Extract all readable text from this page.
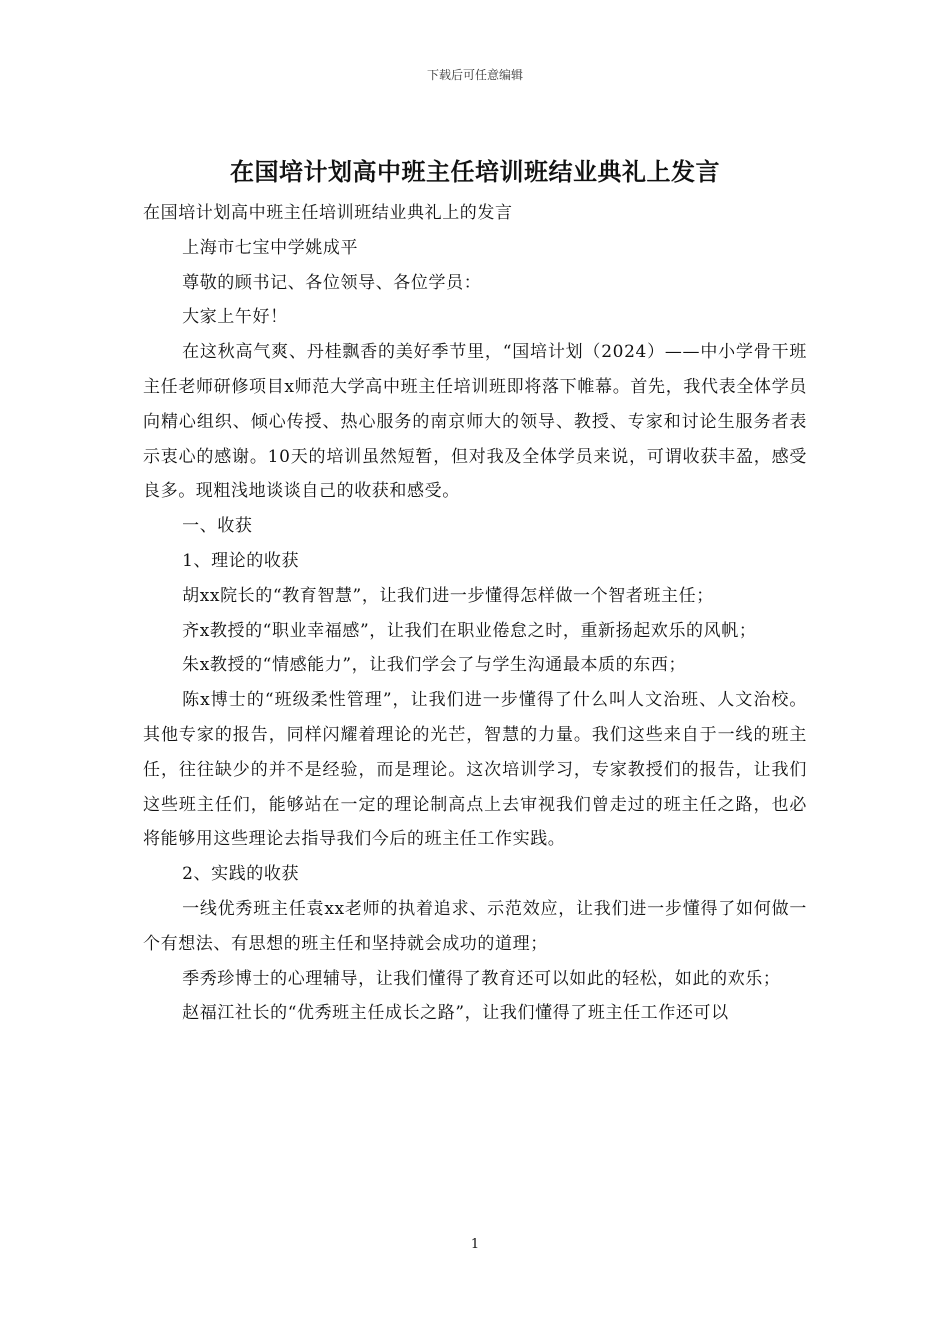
下载后可任意编辑
在国培计划高中班主任培训班结业典礼上发言

在国培计划高中班主任培训班结业典礼上的发言

上海市七宝中学姚成平

尊敬的顾书记、各位领导、各位学员：

大家上午好！

在这秋高气爽、丹桂飘香的美好季节里，“国培计划（2024）——中小学骨干班主任老师研修项目x师范大学高中班主任培训班即将落下帷幕。首先，我代表全体学员向精心组织、倾心传授、热心服务的南京师大的领导、教授、专家和讨论生服务者表示衷心的感谢。10天的培训虽然短暂，但对我及全体学员来说，可谓收获丰盈，感受良多。现粗浅地谈谈自己的收获和感受。

一、收获

1、理论的收获

胡xx院长的“教育智慧”，让我们进一步懂得怎样做一个智者班主任；

齐x教授的“职业幸福感”，让我们在职业倦怠之时，重新扬起欢乐的风帆；

朱x教授的“情感能力”，让我们学会了与学生沟通最本质的东西；

陈x博士的“班级柔性管理”，让我们进一步懂得了什么叫人文治班、人文治校。其他专家的报告，同样闪耀着理论的光芒，智慧的力量。我们这些来自于一线的班主任，往往缺少的并不是经验，而是理论。这次培训学习，专家教授们的报告，让我们这些班主任们，能够站在一定的理论制高点上去审视我们曾走过的班主任之路，也必将能够用这些理论去指导我们今后的班主任工作实践。

2、实践的收获

一线优秀班主任袁xx老师的执着追求、示范效应，让我们进一步懂得了如何做一个有想法、有思想的班主任和坚持就会成功的道理；

季秀珍博士的心理辅导，让我们懂得了教育还可以如此的轻松，如此的欢乐；

赵福江社长的“优秀班主任成长之路”，让我们懂得了班主任工作还可以

1
